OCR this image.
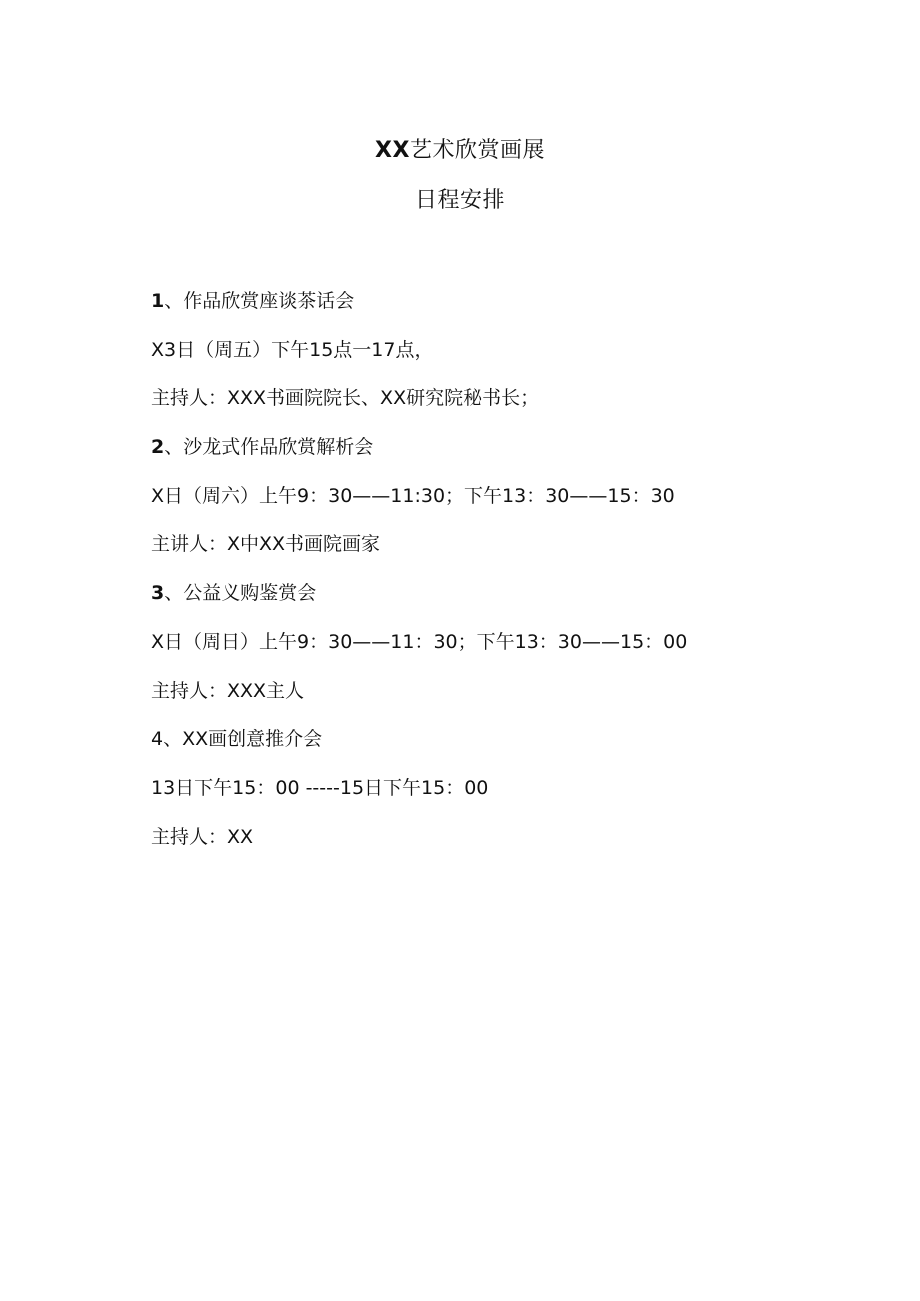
XX艺术欣赏画展
日程安排
1、作品欣赏座谈茶话会
X3日（周五）下午15点一17点，
主持人：XXX书画院院长、XX研究院秘书长；
2、沙龙式作品欣赏解析会
X日（周六）上午9：30——11:30；下午13：30——15：30
主讲人：X中XX书画院画家
3、公益义购鉴赏会
X日（周日）上午9：30——11：30；下午13：30——15：00
主持人：XXX主人
4、XX画创意推介会
13日下午15：00 -----15日下午15：00
主持人：XX
